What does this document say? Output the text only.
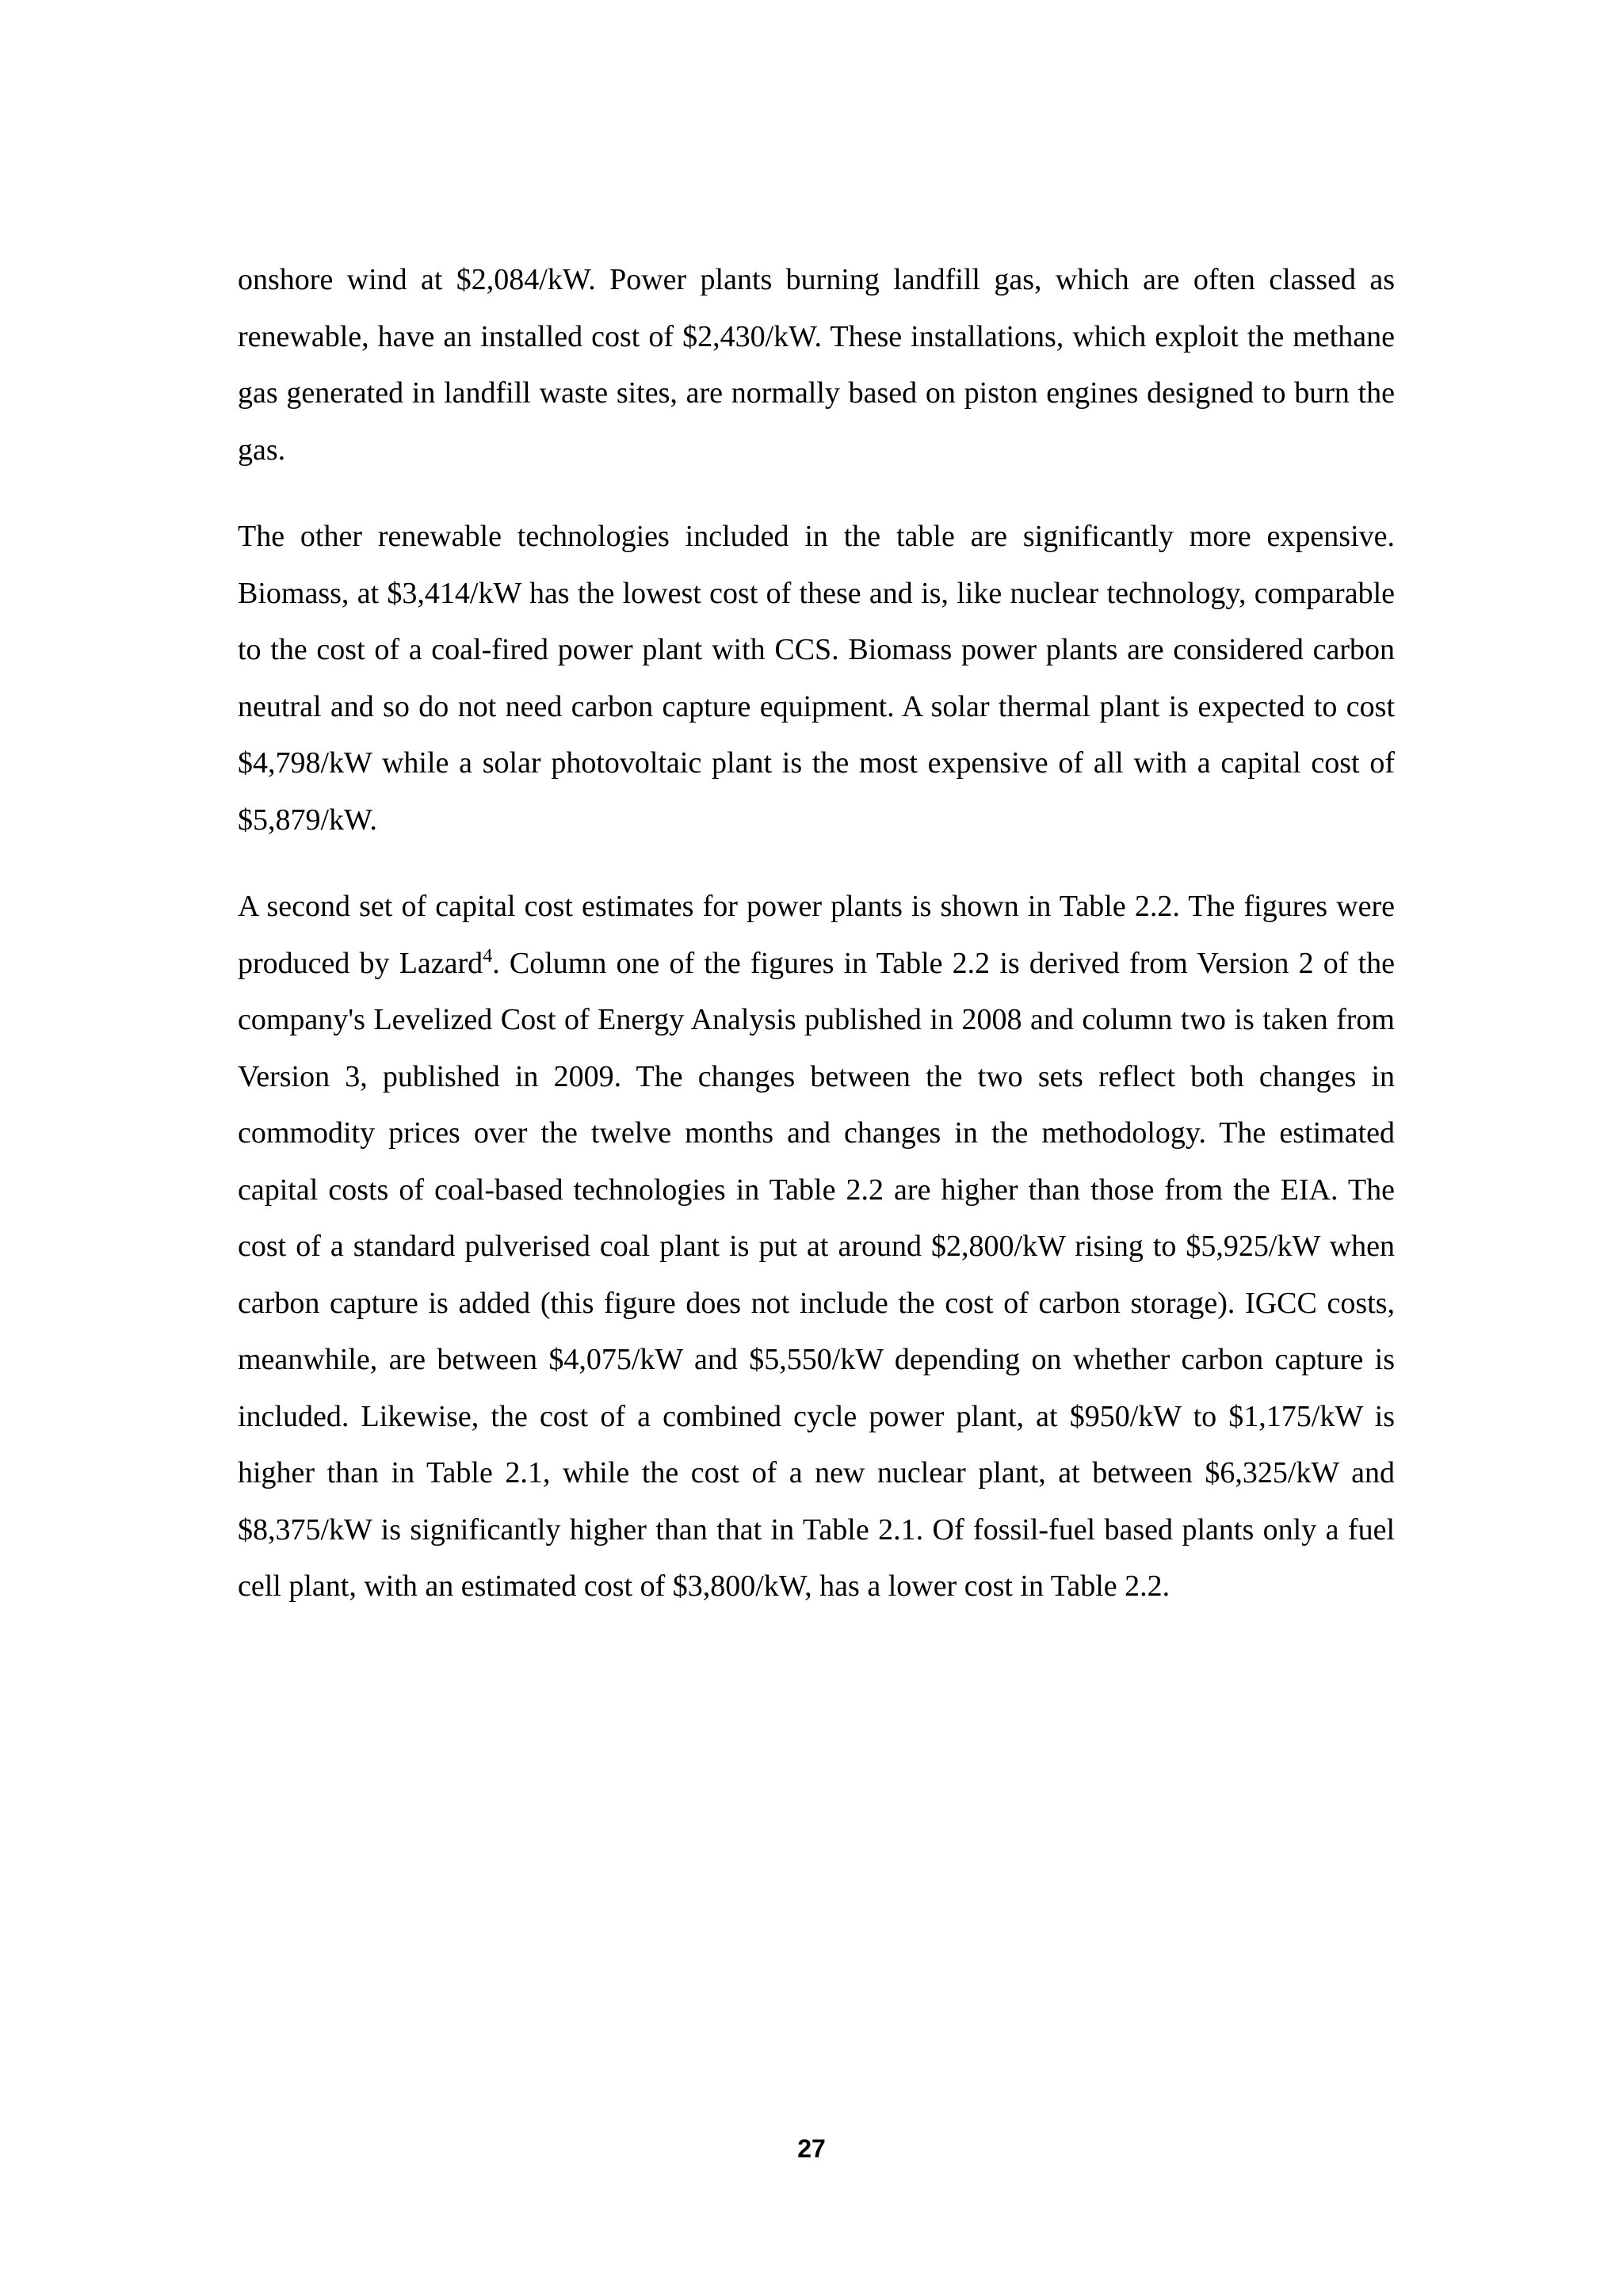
onshore wind at $2,084/kW. Power plants burning landfill gas, which are often classed as renewable, have an installed cost of $2,430/kW. These installations, which exploit the methane gas generated in landfill waste sites, are normally based on piston engines designed to burn the gas.

The other renewable technologies included in the table are significantly more expensive. Biomass, at $3,414/kW has the lowest cost of these and is, like nuclear technology, comparable to the cost of a coal-fired power plant with CCS. Biomass power plants are considered carbon neutral and so do not need carbon capture equipment. A solar thermal plant is expected to cost $4,798/kW while a solar photovoltaic plant is the most expensive of all with a capital cost of $5,879/kW.

A second set of capital cost estimates for power plants is shown in Table 2.2. The figures were produced by Lazard$^4$. Column one of the figures in Table 2.2 is derived from Version 2 of the company's Levelized Cost of Energy Analysis published in 2008 and column two is taken from Version 3, published in 2009. The changes between the two sets reflect both changes in commodity prices over the twelve months and changes in the methodology. The estimated capital costs of coal-based technologies in Table 2.2 are higher than those from the EIA. The cost of a standard pulverised coal plant is put at around $2,800/kW rising to $5,925/kW when carbon capture is added (this figure does not include the cost of carbon storage). IGCC costs, meanwhile, are between $4,075/kW and $5,550/kW depending on whether carbon capture is included. Likewise, the cost of a combined cycle power plant, at $950/kW to $1,175/kW is higher than in Table 2.1, while the cost of a new nuclear plant, at between $6,325/kW and $8,375/kW is significantly higher than that in Table 2.1. Of fossil-fuel based plants only a fuel cell plant, with an estimated cost of $3,800/kW, has a lower cost in Table 2.2.

27
